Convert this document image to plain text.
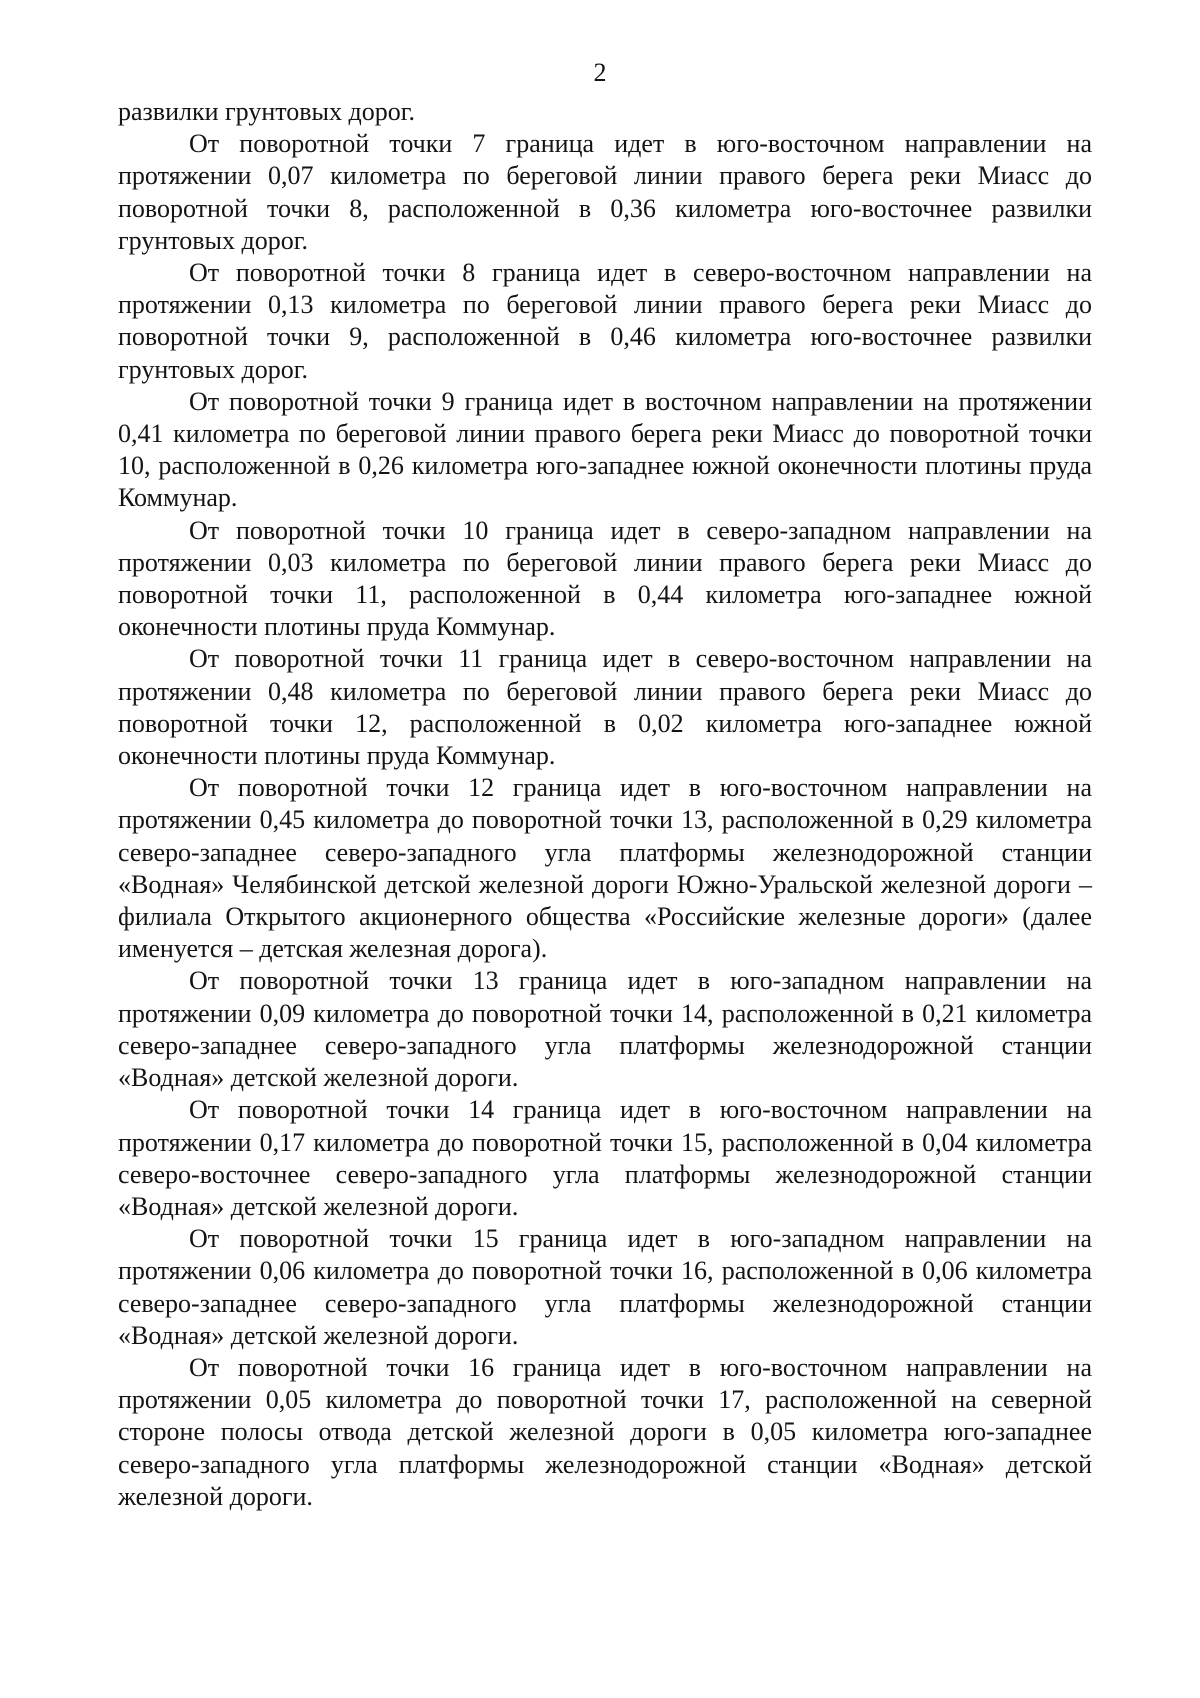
2

развилки грунтовых дорог.

От поворотной точки 7 граница идет в юго-восточном направлении на протяжении 0,07 километра по береговой линии правого берега реки Миасс до поворотной точки 8, расположенной в 0,36 километра юго-восточнее развилки грунтовых дорог.

От поворотной точки 8 граница идет в северо-восточном направлении на протяжении 0,13 километра по береговой линии правого берега реки Миасс до поворотной точки 9, расположенной в 0,46 километра юго-восточнее развилки грунтовых дорог.

От поворотной точки 9 граница идет в восточном направлении на протяжении 0,41 километра по береговой линии правого берега реки Миасс до поворотной точки 10, расположенной в 0,26 километра юго-западнее южной оконечности плотины пруда Коммунар.

От поворотной точки 10 граница идет в северо-западном направлении на протяжении 0,03 километра по береговой линии правого берега реки Миасс до поворотной точки 11, расположенной в 0,44 километра юго-западнее южной оконечности плотины пруда Коммунар.

От поворотной точки 11 граница идет в северо-восточном направлении на протяжении 0,48 километра по береговой линии правого берега реки Миасс до поворотной точки 12, расположенной в 0,02 километра юго-западнее южной оконечности плотины пруда Коммунар.

От поворотной точки 12 граница идет в юго-восточном направлении на протяжении 0,45 километра до поворотной точки 13, расположенной в 0,29 километра северо-западнее северо-западного угла платформы железнодорожной станции «Водная» Челябинской детской железной дороги Южно-Уральской железной дороги – филиала Открытого акционерного общества «Российские железные дороги» (далее именуется – детская железная дорога).

От поворотной точки 13 граница идет в юго-западном направлении на протяжении 0,09 километра до поворотной точки 14, расположенной в 0,21 километра северо-западнее северо-западного угла платформы железнодорожной станции «Водная» детской железной дороги.

От поворотной точки 14 граница идет в юго-восточном направлении на протяжении 0,17 километра до поворотной точки 15, расположенной в 0,04 километра северо-восточнее северо-западного угла платформы железнодорожной станции «Водная» детской железной дороги.

От поворотной точки 15 граница идет в юго-западном направлении на протяжении 0,06 километра до поворотной точки 16, расположенной в 0,06 километра северо-западнее северо-западного угла платформы железнодорожной станции «Водная» детской железной дороги.

От поворотной точки 16 граница идет в юго-восточном направлении на протяжении 0,05 километра до поворотной точки 17, расположенной на северной стороне полосы отвода детской железной дороги в 0,05 километра юго-западнее северо-западного угла платформы железнодорожной станции «Водная» детской железной дороги.
